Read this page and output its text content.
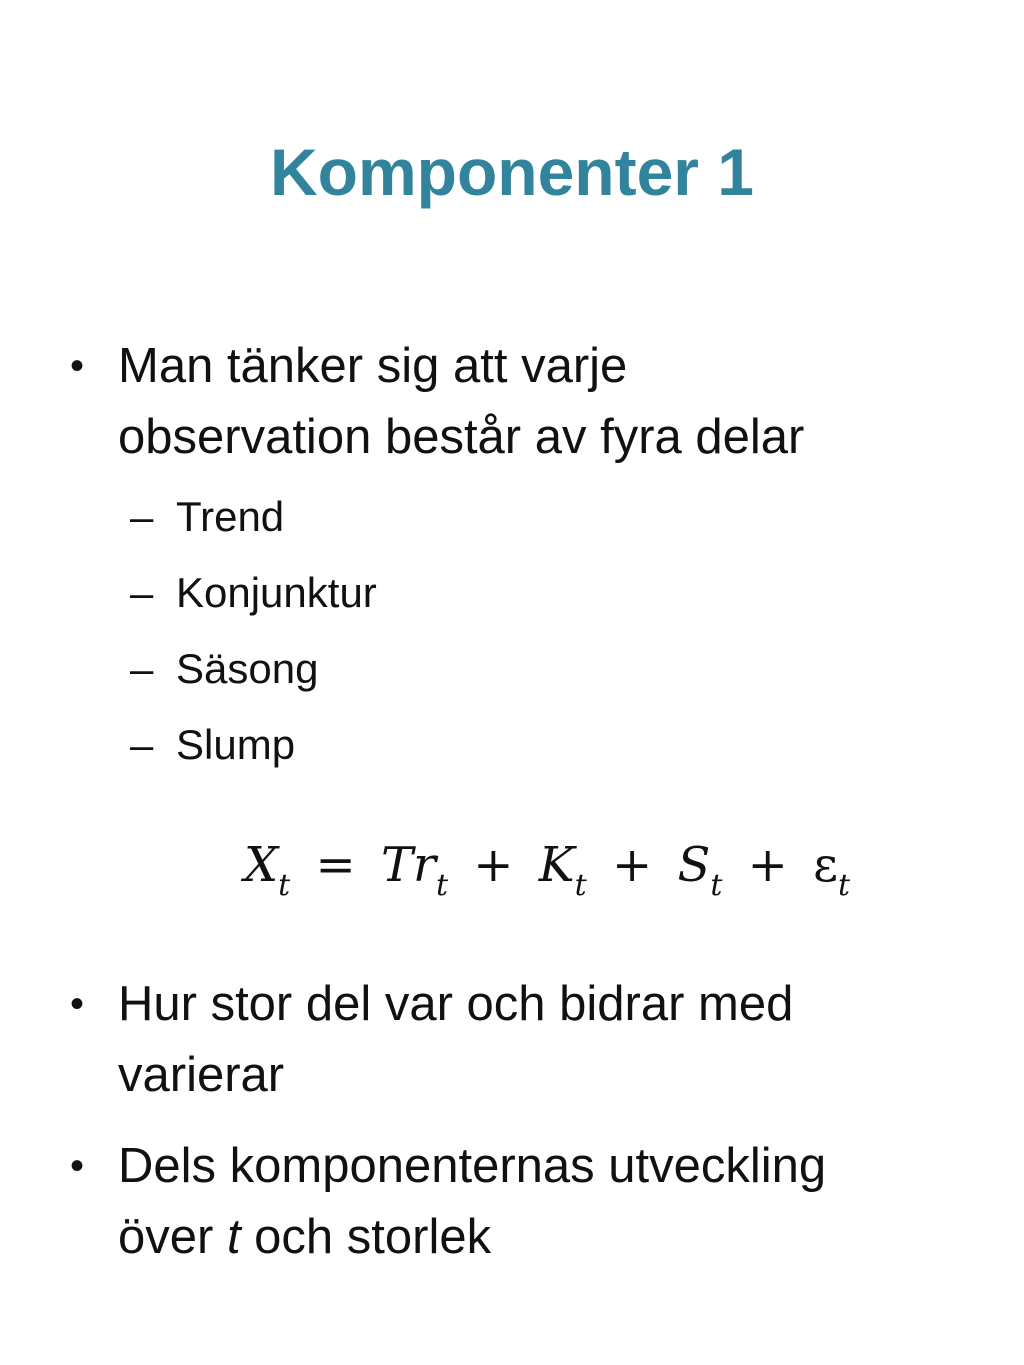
Komponenter 1
• Man tänker sig att varje
observation består av fyra delar
– Trend
– Konjunktur
– Säsong
– Slump
$X_t = Tr_t + K_t + S_t + \varepsilon_t$
• Hur stor del var och bidrar med
varierar
• Dels komponenternas utveckling
över t och storlek
